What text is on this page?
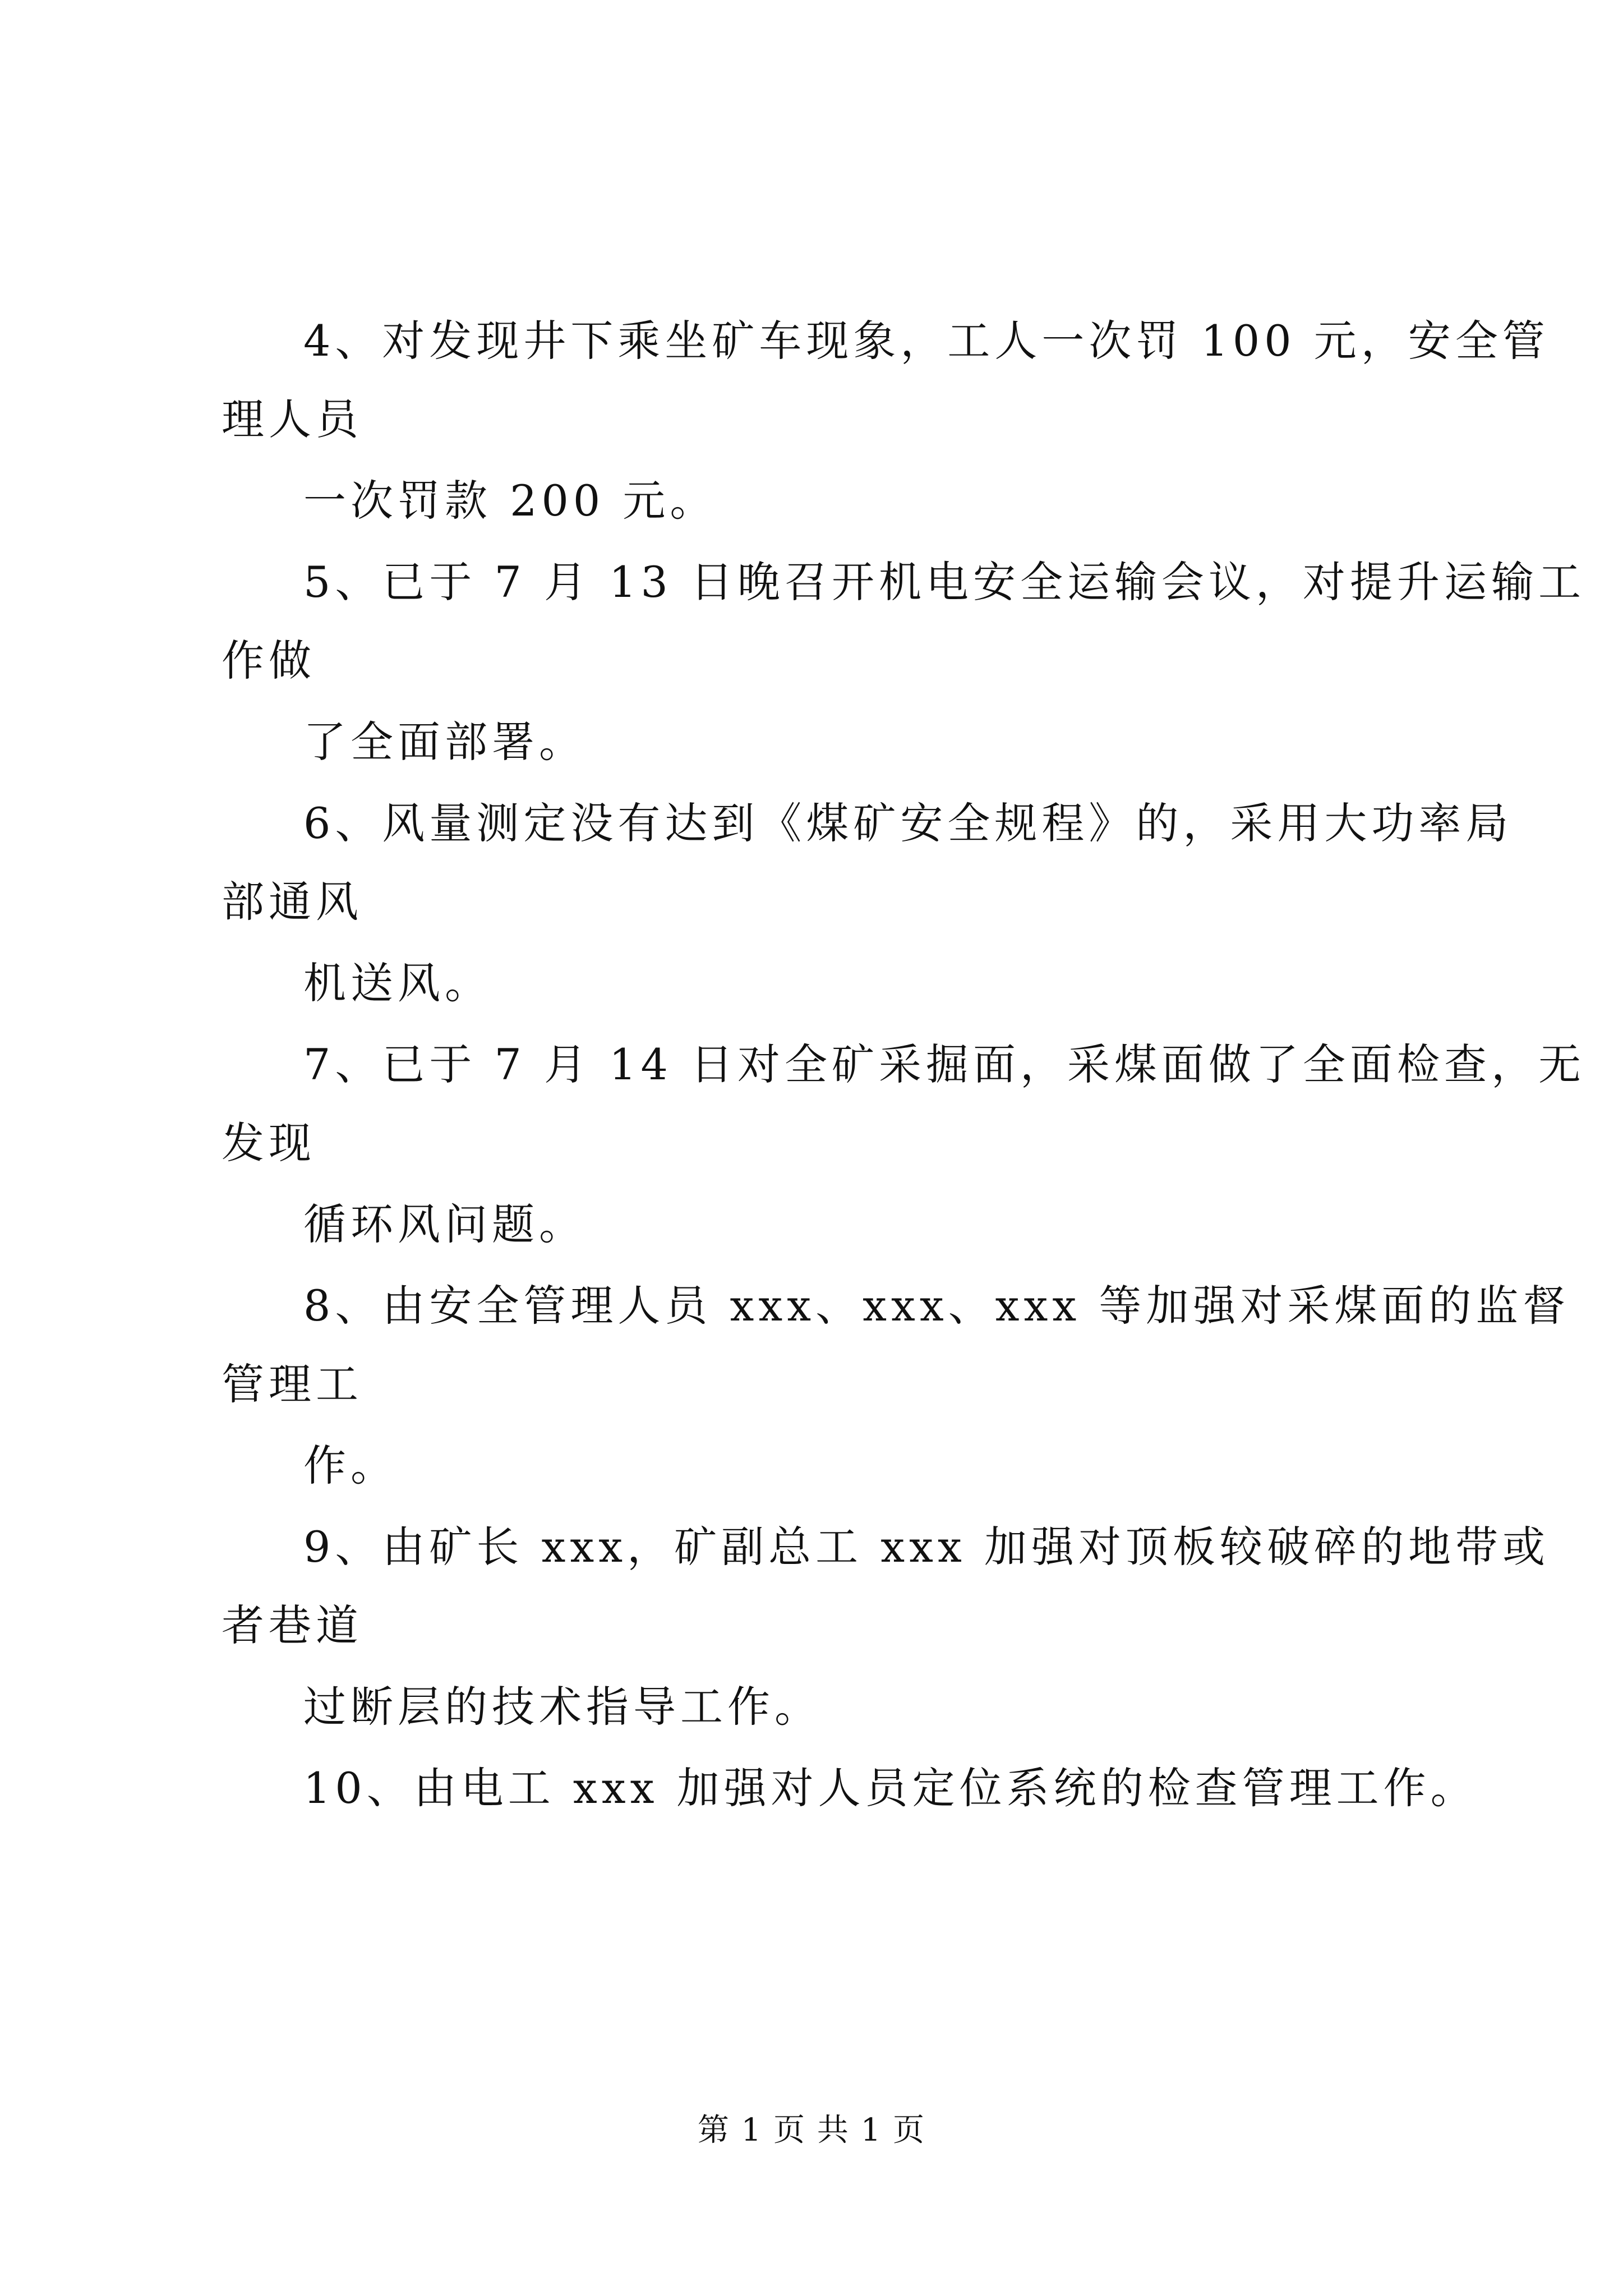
4、对发现井下乘坐矿车现象，工人一次罚 100 元，安全管
理人员
一次罚款 200 元。
5、已于 7 月 13 日晚召开机电安全运输会议，对提升运输工
作做
了全面部署。
6、风量测定没有达到《煤矿安全规程》的，采用大功率局
部通风
机送风。
7、已于 7 月 14 日对全矿采掘面，采煤面做了全面检查，无
发现
循环风问题。
8、由安全管理人员 xxx、xxx、xxx 等加强对采煤面的监督
管理工
作。
9、由矿长 xxx，矿副总工 xxx 加强对顶板较破碎的地带或
者巷道
过断层的技术指导工作。
10、由电工 xxx 加强对人员定位系统的检查管理工作。
第 1 页 共 1 页
